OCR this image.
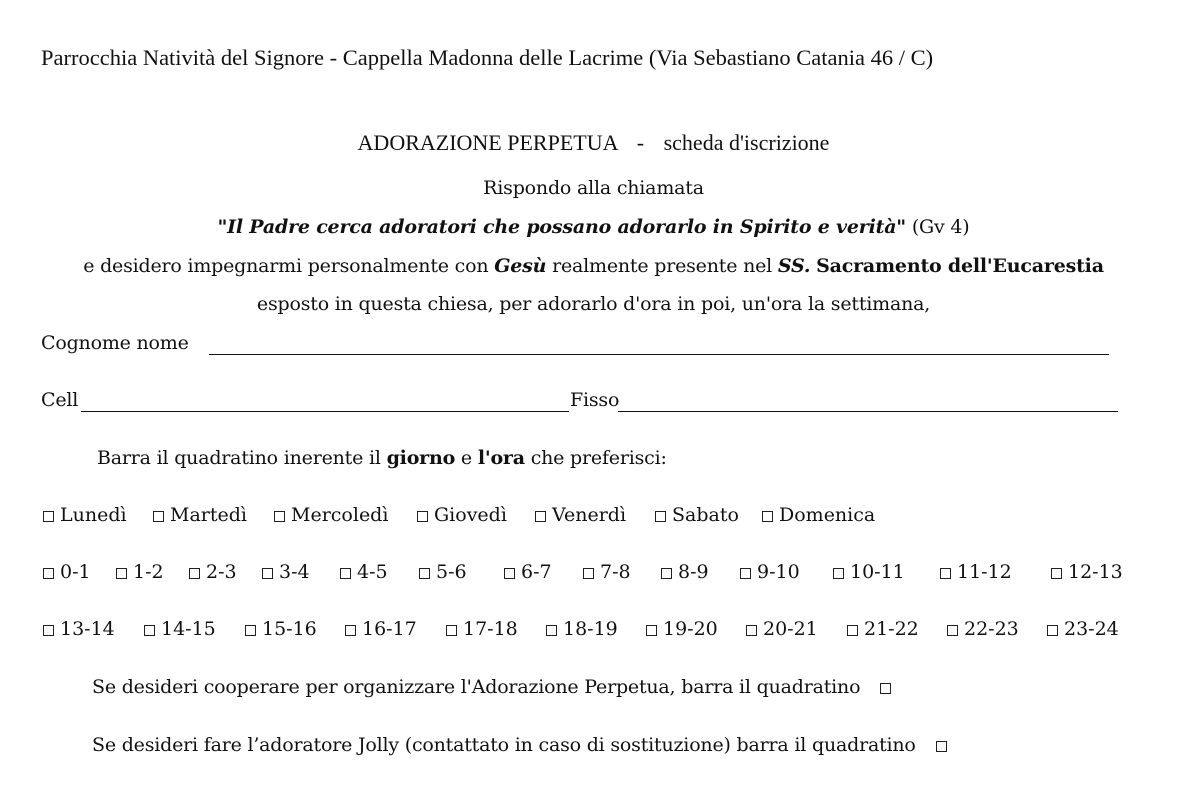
Parrocchia Natività del Signore - Cappella Madonna delle Lacrime (Via Sebastiano Catania 46 / C)
ADORAZIONE PERPETUA - scheda d'iscrizione
Rispondo alla chiamata
"Il Padre cerca adoratori che possano adorarlo in Spirito e verità" (Gv 4)
e desidero impegnarmi personalmente con Gesù realmente presente nel SS. Sacramento dell'Eucarestia
esposto in questa chiesa, per adorarlo d'ora in poi, un'ora la settimana,
Cognome nome
Cell	Fisso
Barra il quadratino inerente il giorno e l'ora che preferisci:
Lunedì	Martedì	Mercoledì	Giovedì	Venerdì	Sabato	Domenica
0-1	1-2	2-3	3-4	4-5	5-6	6-7	7-8	8-9	9-10	10-11	11-12	12-13
13-14	14-15	15-16	16-17	17-18	18-19	19-20	20-21	21-22	22-23	23-24
Se desideri cooperare per organizzare l'Adorazione Perpetua, barra il quadratino
Se desideri fare l’adoratore Jolly (contattato in caso di sostituzione) barra il quadratino
